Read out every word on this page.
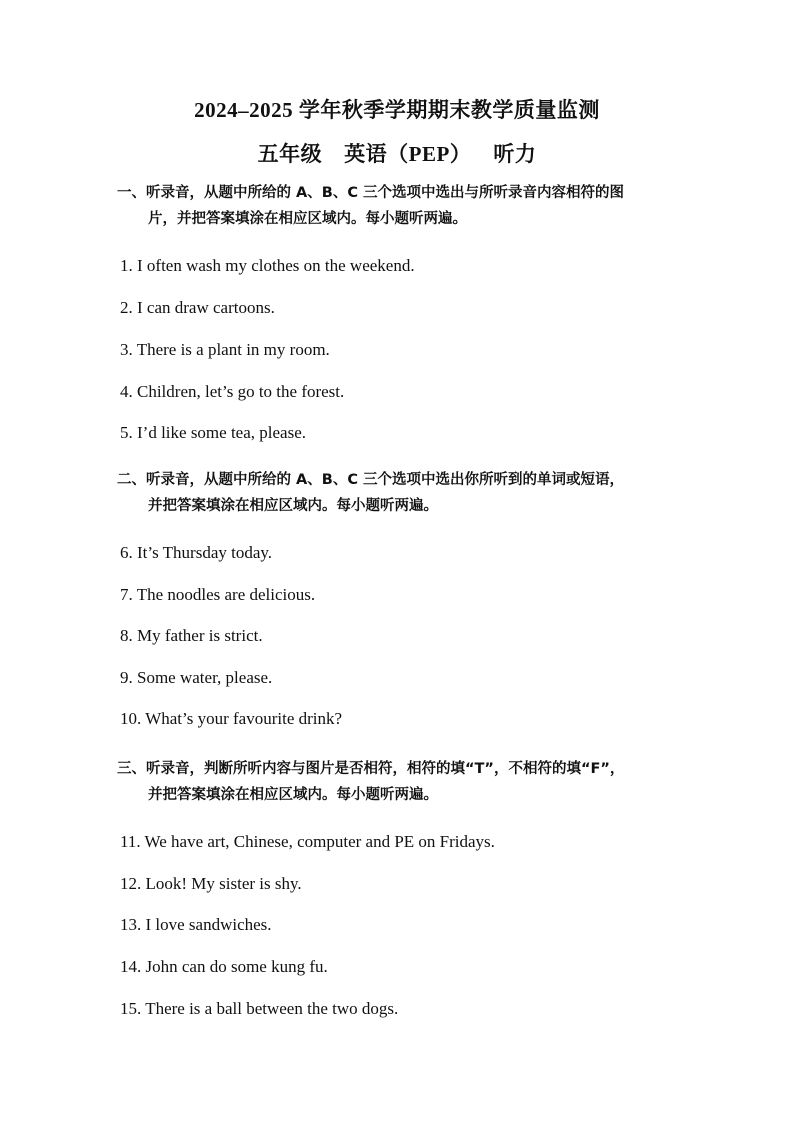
2024–2025 学年秋季学期期末教学质量监测
五年级 英语（PEP） 听力
一、听录音，从题中所给的 A、B、C 三个选项中选出与所听录音内容相符的图
片，并把答案填涂在相应区域内。每小题听两遍。
1. I often wash my clothes on the weekend.
2. I can draw cartoons.
3. There is a plant in my room.
4. Children, let’s go to the forest.
5. I’d like some tea, please.
二、听录音，从题中所给的 A、B、C 三个选项中选出你所听到的单词或短语，
并把答案填涂在相应区域内。每小题听两遍。
6. It’s Thursday today.
7. The noodles are delicious.
8. My father is strict.
9. Some water, please.
10. What’s your favourite drink?
三、听录音，判断所听内容与图片是否相符，相符的填“T”，不相符的填“F”，
并把答案填涂在相应区域内。每小题听两遍。
11. We have art, Chinese, computer and PE on Fridays.
12. Look! My sister is shy.
13. I love sandwiches.
14. John can do some kung fu.
15. There is a ball between the two dogs.
